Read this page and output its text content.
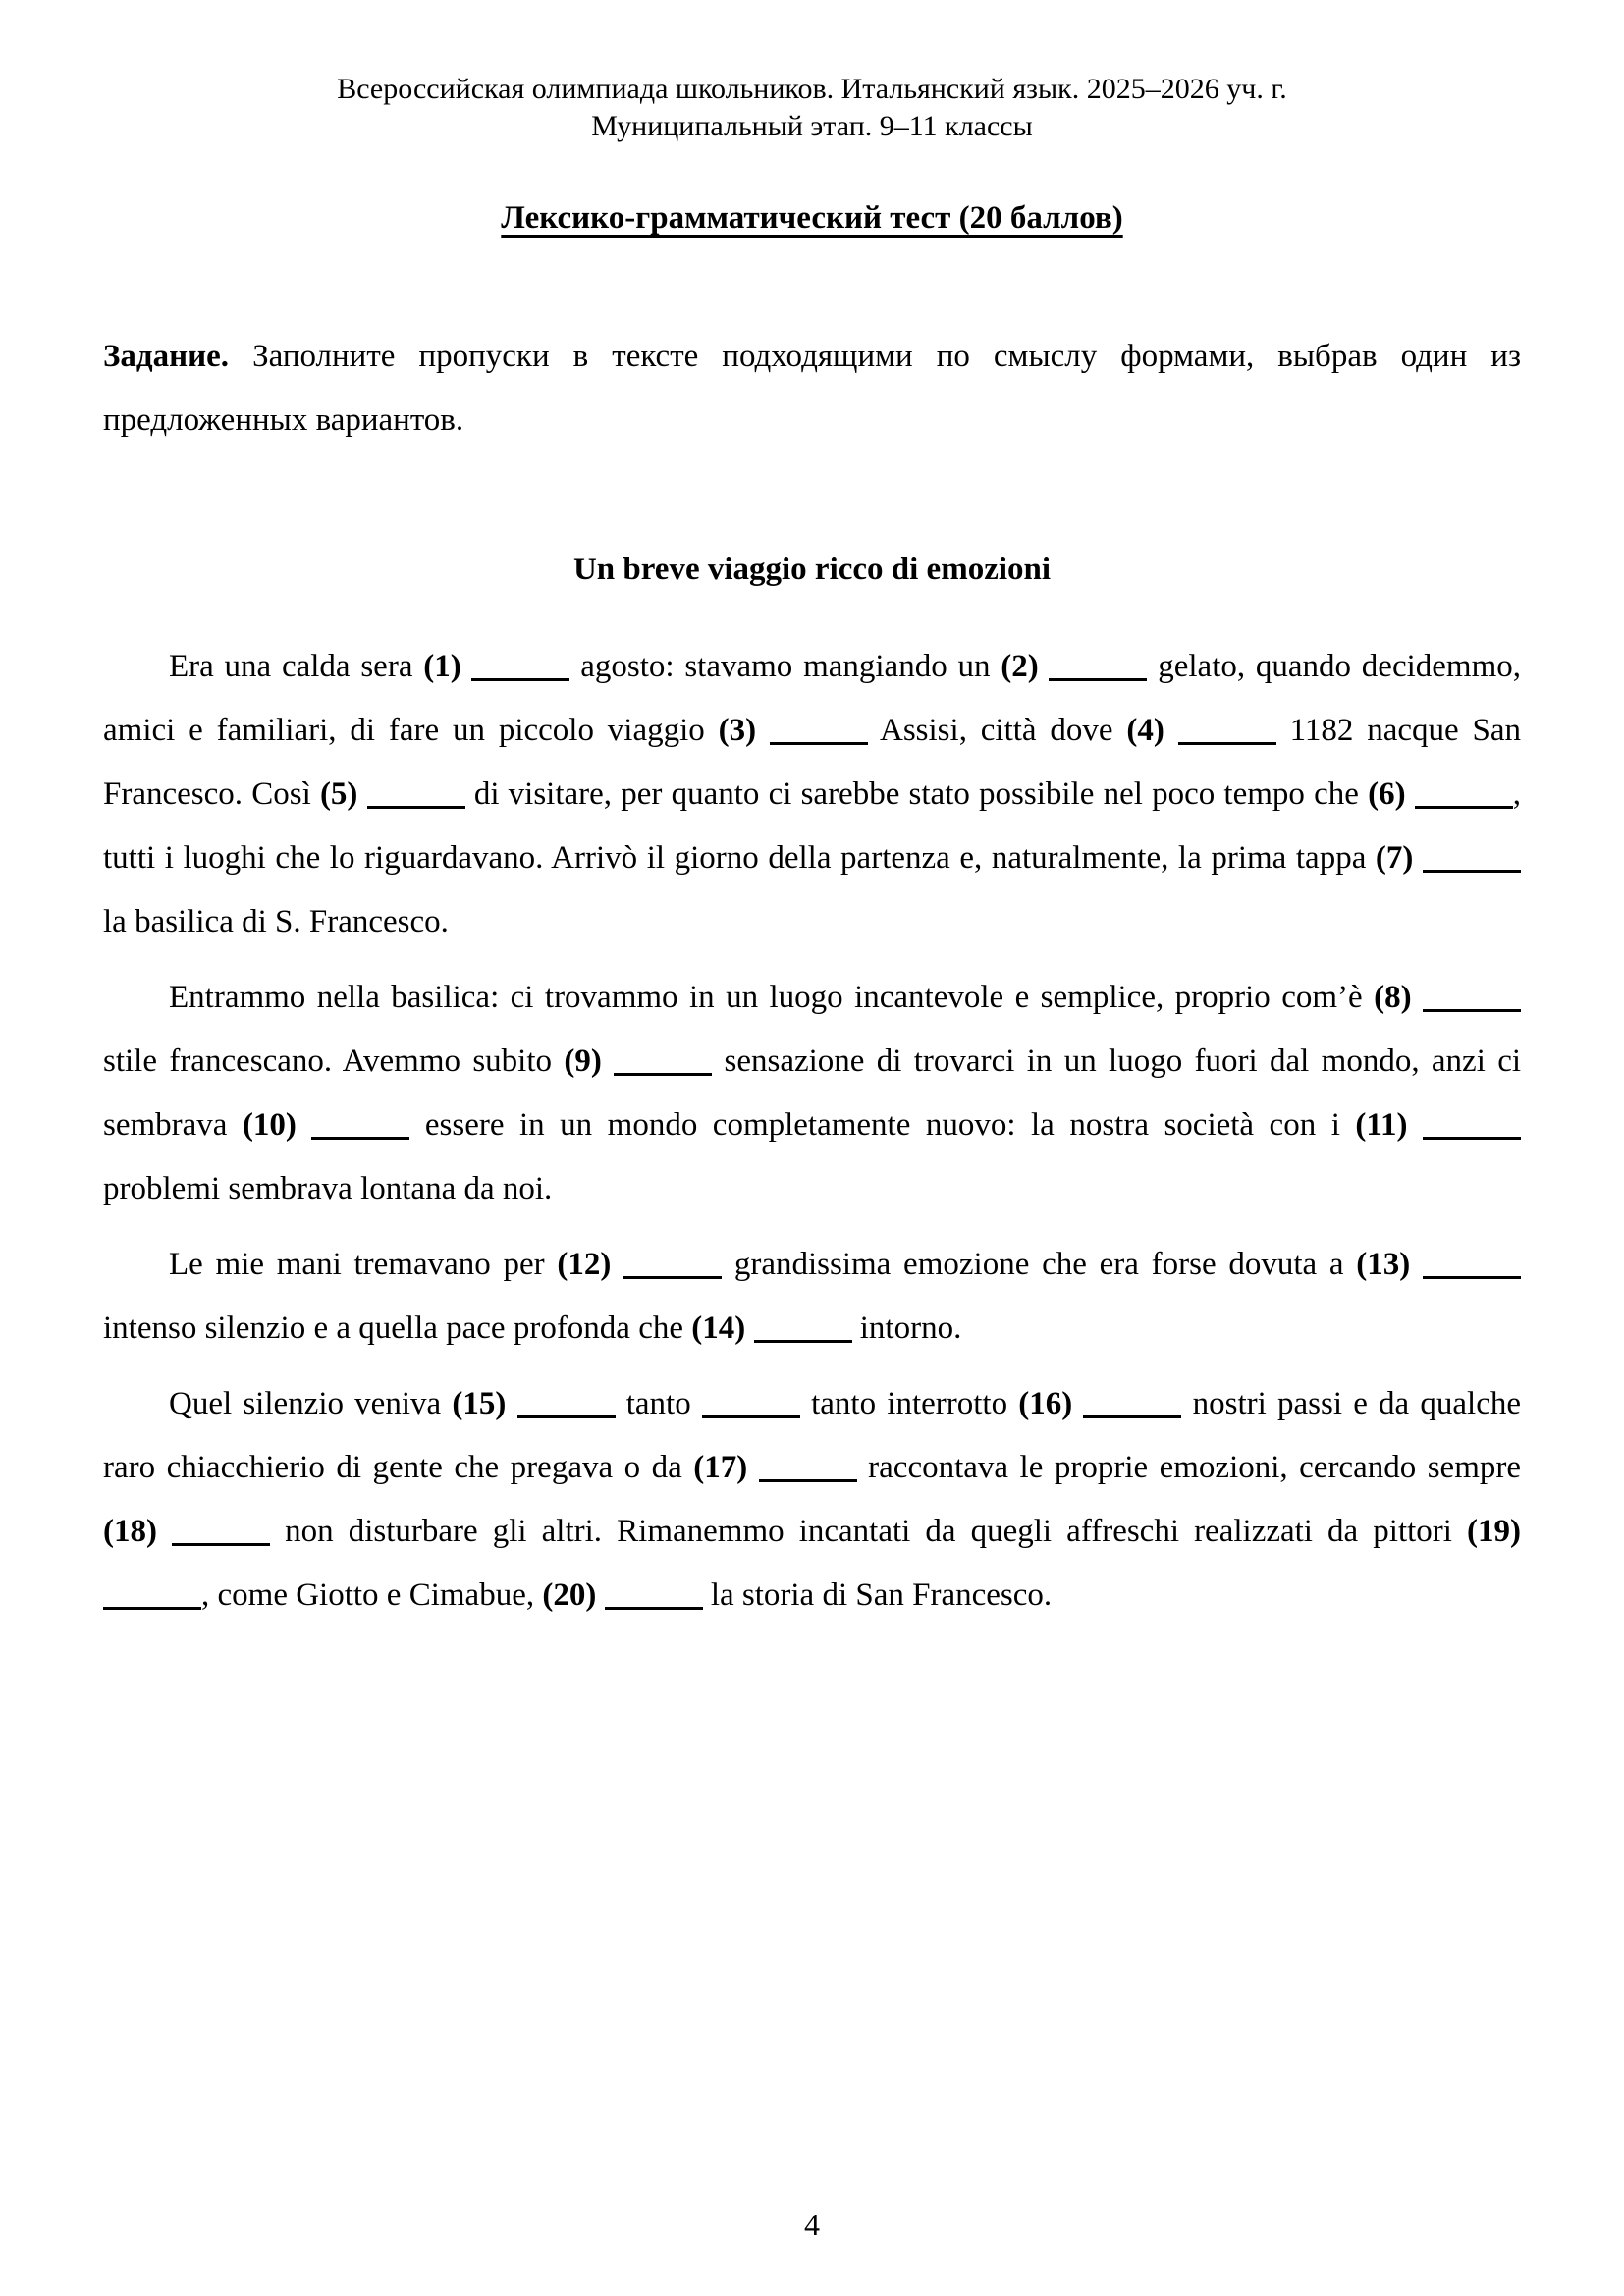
Всероссийская олимпиада школьников. Итальянский язык. 2025–2026 уч. г.
Муниципальный этап. 9–11 классы
Лексико-грамматический тест (20 баллов)

Задание. Заполните пропуски в тексте подходящими по смыслу формами, выбрав один из предложенных вариантов.

Un breve viaggio ricco di emozioni

Era una calda sera (1)	agosto: stavamo mangiando un (2)	gelato, quando decidemmo, amici e familiari, di fare un piccolo viaggio (3)	Assisi, città dove (4)	1182 nacque San Francesco. Così (5)	di visitare, per quanto ci sarebbe stato possibile nel poco tempo che (6)	, tutti i luoghi che lo riguardavano. Arrivò il giorno della partenza e, naturalmente, la prima tappa (7)  la basilica di S. Francesco.

Entrammo nella basilica: ci trovammo in un luogo incantevole e semplice, proprio com’è (8)  stile francescano. Avemmo subito (9)	sensazione di trovarci in un luogo fuori dal mondo, anzi ci sembrava (10)	essere in un mondo completamente nuovo: la nostra società con i (11)  problemi sembrava lontana da noi.

Le mie mani tremavano per (12)	grandissima emozione che era forse dovuta a (13)  intenso silenzio e a quella pace profonda che (14)	intorno.

Quel silenzio veniva (15)	tanto	tanto interrotto (16)	nostri passi e da qualche raro chiacchierio di gente che pregava o da (17)	raccontava le proprie emozioni, cercando sempre (18)	non disturbare gli altri. Rimanemmo incantati da quegli affreschi realizzati da pittori (19) , come Giotto e Cimabue, (20)	la storia di San Francesco.

4
